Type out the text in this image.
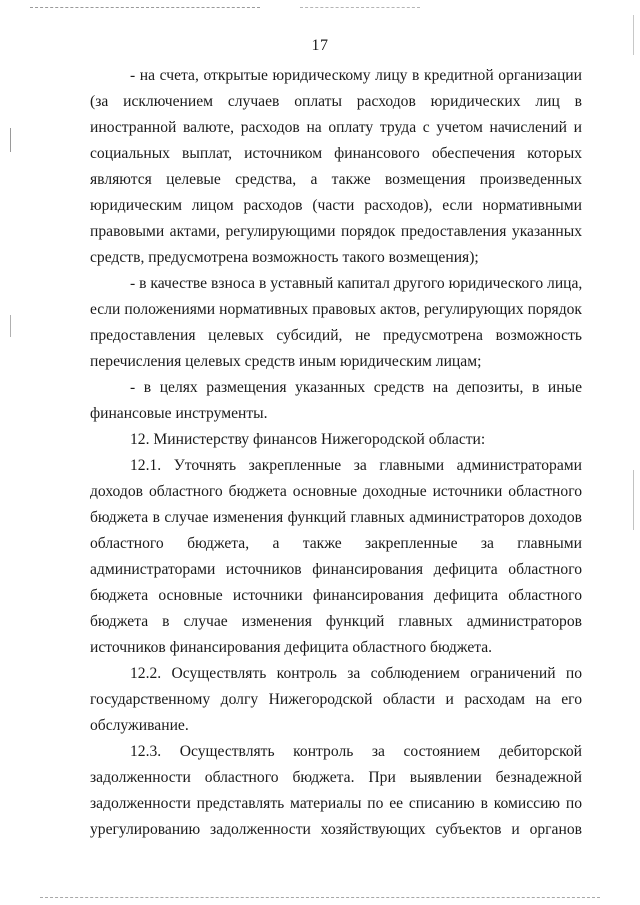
17
- на счета, открытые юридическому лицу в кредитной организации
(за исключением случаев оплаты расходов юридических лиц в
иностранной валюте, расходов на оплату труда с учетом начислений и
социальных выплат, источником финансового обеспечения которых
являются целевые средства, а также возмещения произведенных
юридическим лицом расходов (части расходов), если нормативными
правовыми актами, регулирующими порядок предоставления указанных
средств, предусмотрена возможность такого возмещения);
- в качестве взноса в уставный капитал другого юридического лица,
если положениями нормативных правовых актов, регулирующих порядок
предоставления целевых субсидий, не предусмотрена возможность
перечисления целевых средств иным юридическим лицам;
- в целях размещения указанных средств на депозиты, в иные
финансовые инструменты.
12. Министерству финансов Нижегородской области:
12.1. Уточнять закрепленные за главными администраторами
доходов областного бюджета основные доходные источники областного
бюджета в случае изменения функций главных администраторов доходов
областного бюджета, а также закрепленные за главными
администраторами источников финансирования дефицита областного
бюджета основные источники финансирования дефицита областного
бюджета в случае изменения функций главных администраторов
источников финансирования дефицита областного бюджета.
12.2. Осуществлять контроль за соблюдением ограничений по
государственному долгу Нижегородской области и расходам на его
обслуживание.
12.3. Осуществлять контроль за состоянием дебиторской
задолженности областного бюджета. При выявлении безнадежной
задолженности представлять материалы по ее списанию в комиссию по
урегулированию задолженности хозяйствующих субъектов и органов
